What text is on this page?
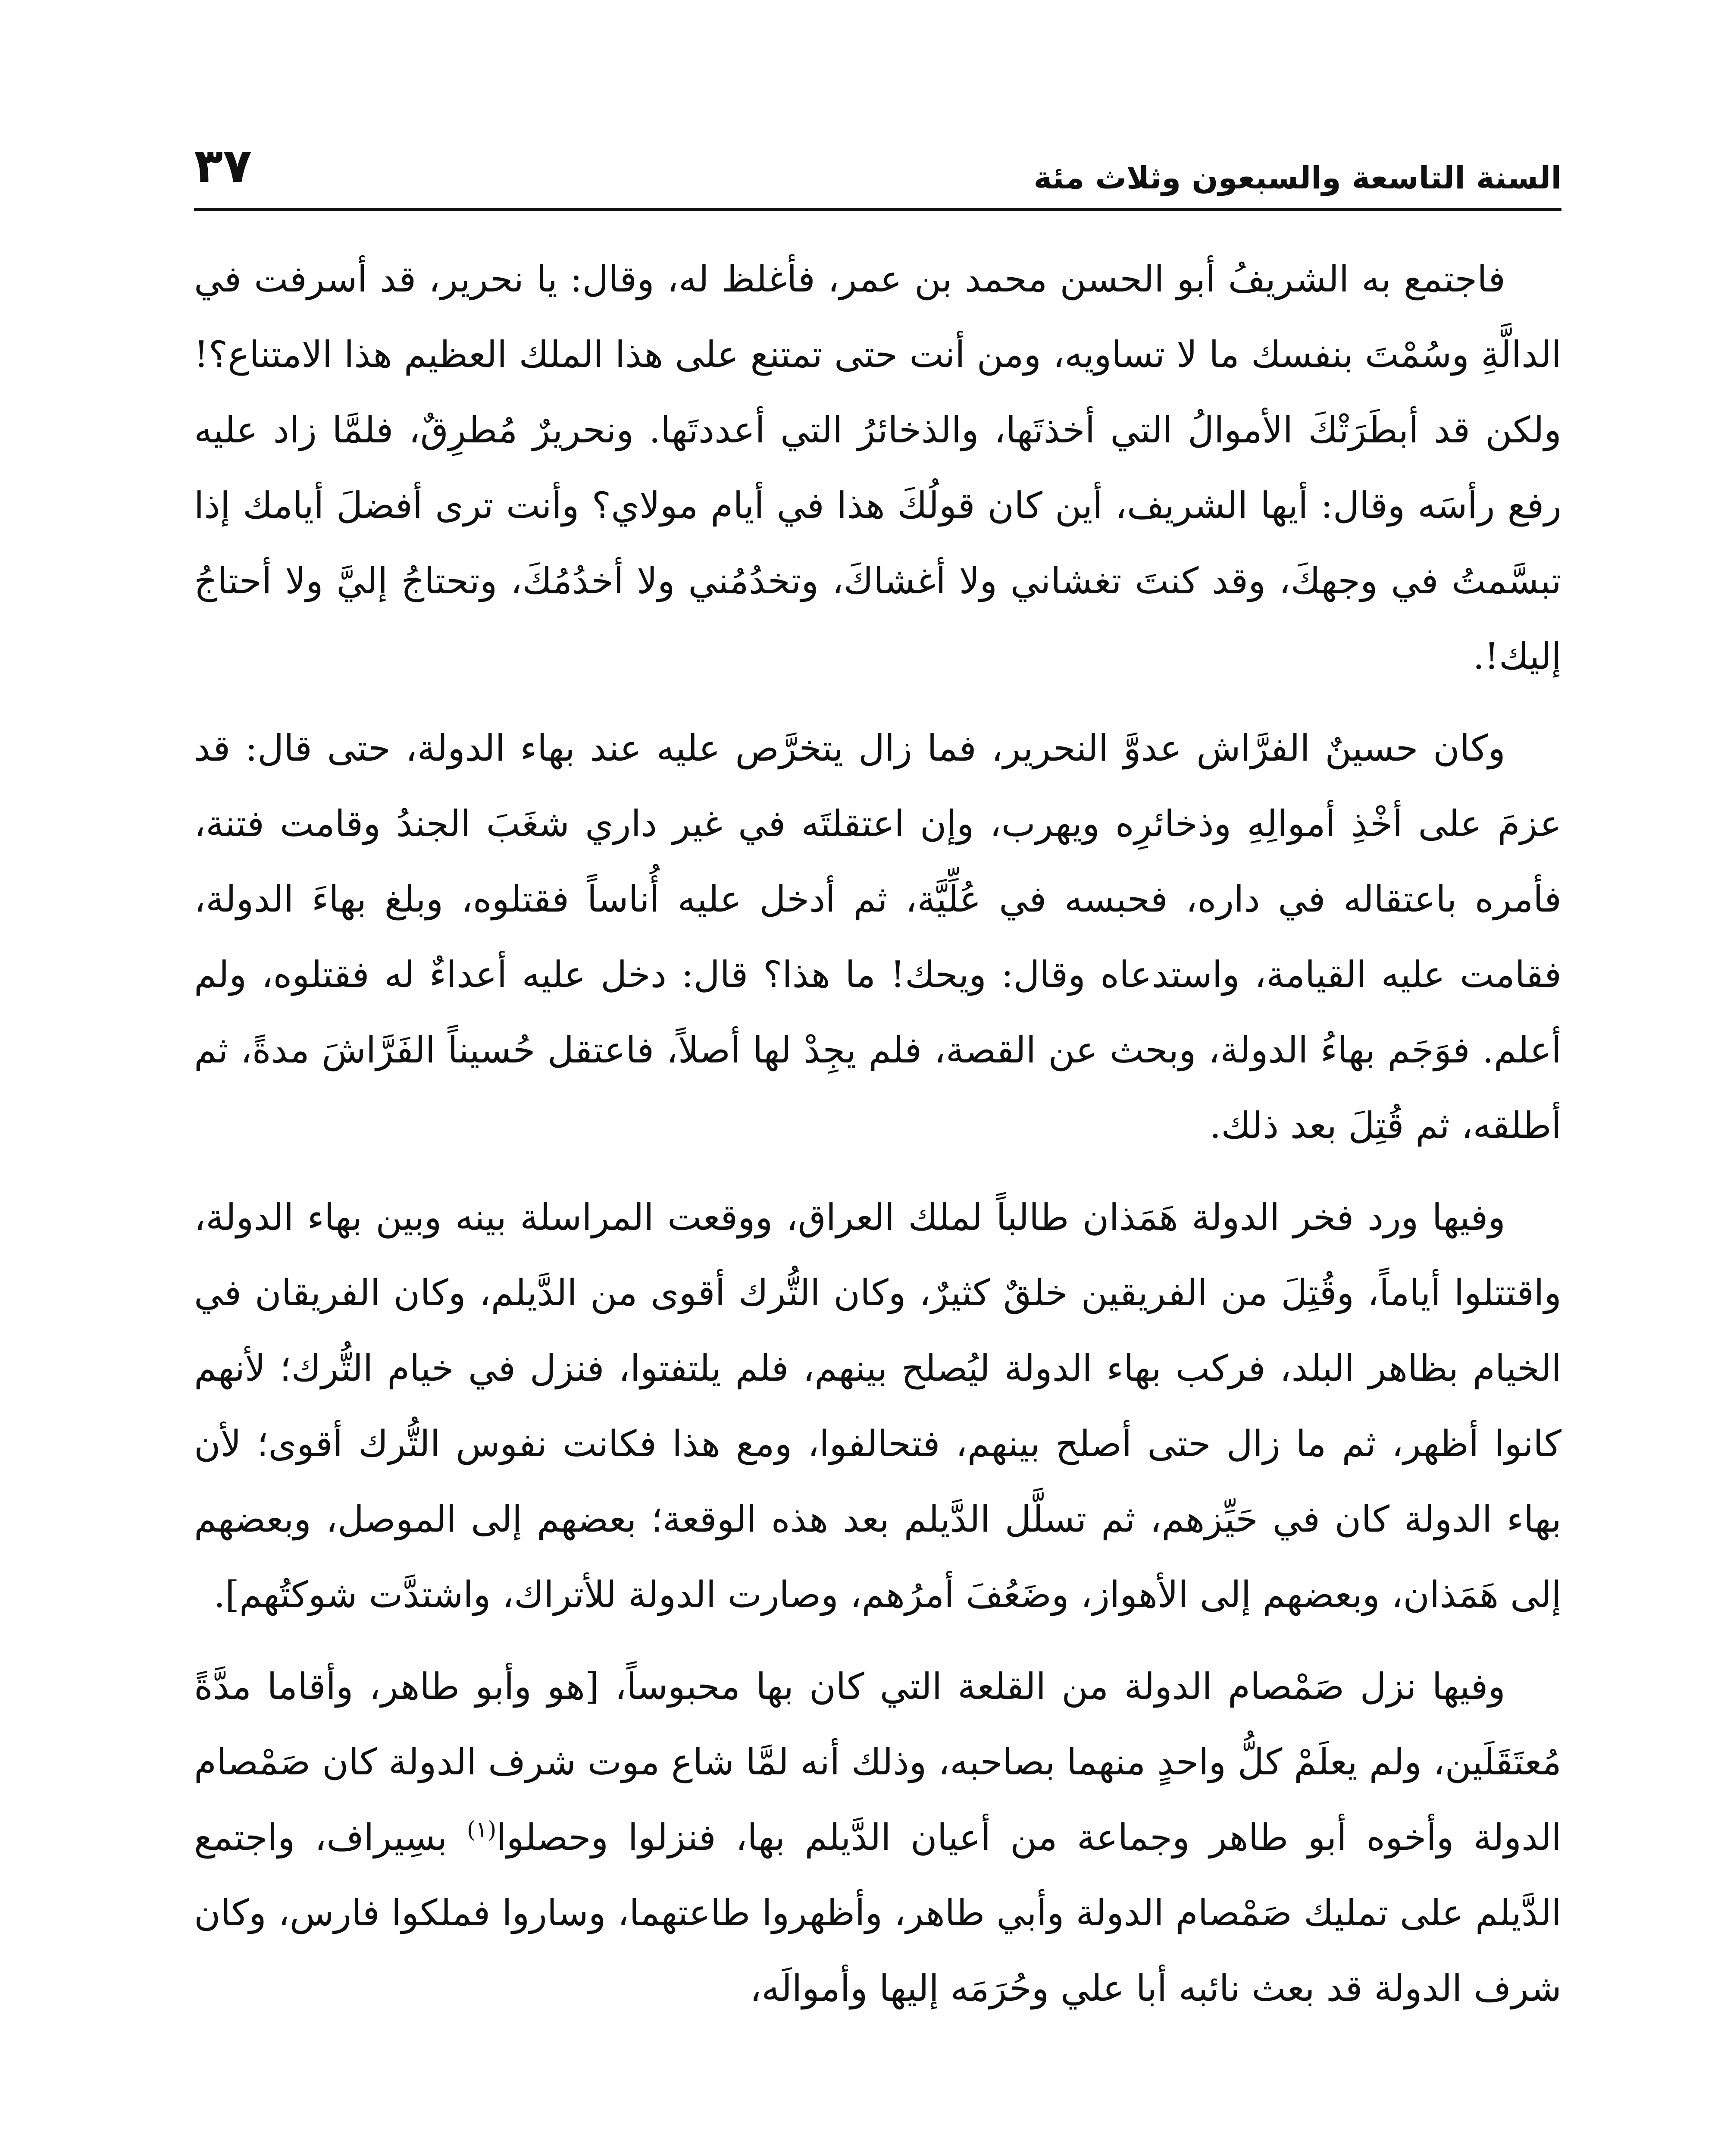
السنة التاسعة والسبعون وثلاث مئة
٣٧

فاجتمع به الشريفُ أبو الحسن محمد بن عمر، فأغلظ له، وقال: يا نحرير، قد أسرفت في الدالَّةِ وسُمْتَ بنفسك ما لا تساويه، ومن أنت حتى تمتنع على هذا الملك العظيم هذا الامتناع؟! ولكن قد أبطَرَتْكَ الأموالُ التي أخذتَها، والذخائرُ التي أعددتَها. ونحريرٌ مُطرِقٌ، فلمَّا زاد عليه رفع رأسَه وقال: أيها الشريف، أين كان قولُكَ هذا في أيام مولاي؟ وأنت ترى أفضلَ أيامك إذا تبسَّمتُ في وجهكَ، وقد كنتَ تغشاني ولا أغشاكَ، وتخدُمُني ولا أخدُمُكَ، وتحتاجُ إليَّ ولا أحتاجُ إليك!.

وكان حسينٌ الفرَّاش عدوَّ النحرير، فما زال يتخرَّص عليه عند بهاء الدولة، حتى قال: قد عزمَ على أخْذِ أموالِهِ وذخائرِه ويهرب، وإن اعتقلتَه في غير داري شغَبَ الجندُ وقامت فتنة، فأمره باعتقاله في داره، فحبسه في عُلِّيَّة، ثم أدخل عليه أُناساً فقتلوه، وبلغ بهاءَ الدولة، فقامت عليه القيامة، واستدعاه وقال: ويحك! ما هذا؟ قال: دخل عليه أعداءٌ له فقتلوه، ولم أعلم. فوَجَم بهاءُ الدولة، وبحث عن القصة، فلم يجِدْ لها أصلاً، فاعتقل حُسيناً الفَرَّاشَ مدةً، ثم أطلقه، ثم قُتِلَ بعد ذلك.

وفيها ورد فخر الدولة هَمَذان طالباً لملك العراق، ووقعت المراسلة بينه وبين بهاء الدولة، واقتتلوا أياماً، وقُتِلَ من الفريقين خلقٌ كثيرٌ، وكان التُّرك أقوى من الدَّيلم، وكان الفريقان في الخيام بظاهر البلد، فركب بهاء الدولة ليُصلح بينهم، فلم يلتفتوا، فنزل في خيام التُّرك؛ لأنهم كانوا أظهر، ثم ما زال حتى أصلح بينهم، فتحالفوا، ومع هذا فكانت نفوس التُّرك أقوى؛ لأن بهاء الدولة كان في حَيِّزهم، ثم تسلَّل الدَّيلم بعد هذه الوقعة؛ بعضهم إلى الموصل، وبعضهم إلى هَمَذان، وبعضهم إلى الأهواز، وضَعُفَ أمرُهم، وصارت الدولة للأتراك، واشتدَّت شوكتُهم].

وفيها نزل صَمْصام الدولة من القلعة التي كان بها محبوساً، [هو وأبو طاهر، وأقاما مدَّةً مُعتَقَلَين، ولم يعلَمْ كلُّ واحدٍ منهما بصاحبه، وذلك أنه لمَّا شاع موت شرف الدولة كان صَمْصام الدولة وأخوه أبو طاهر وجماعة من أعيان الدَّيلم بها، فنزلوا وحصلوا$^{(١)}$ بسِيراف، واجتمع الدَّيلم على تمليك صَمْصام الدولة وأبي طاهر، وأظهروا طاعتهما، وساروا فملكوا فارس، وكان شرف الدولة قد بعث نائبه أبا علي وحُرَمَه إليها وأموالَه،
